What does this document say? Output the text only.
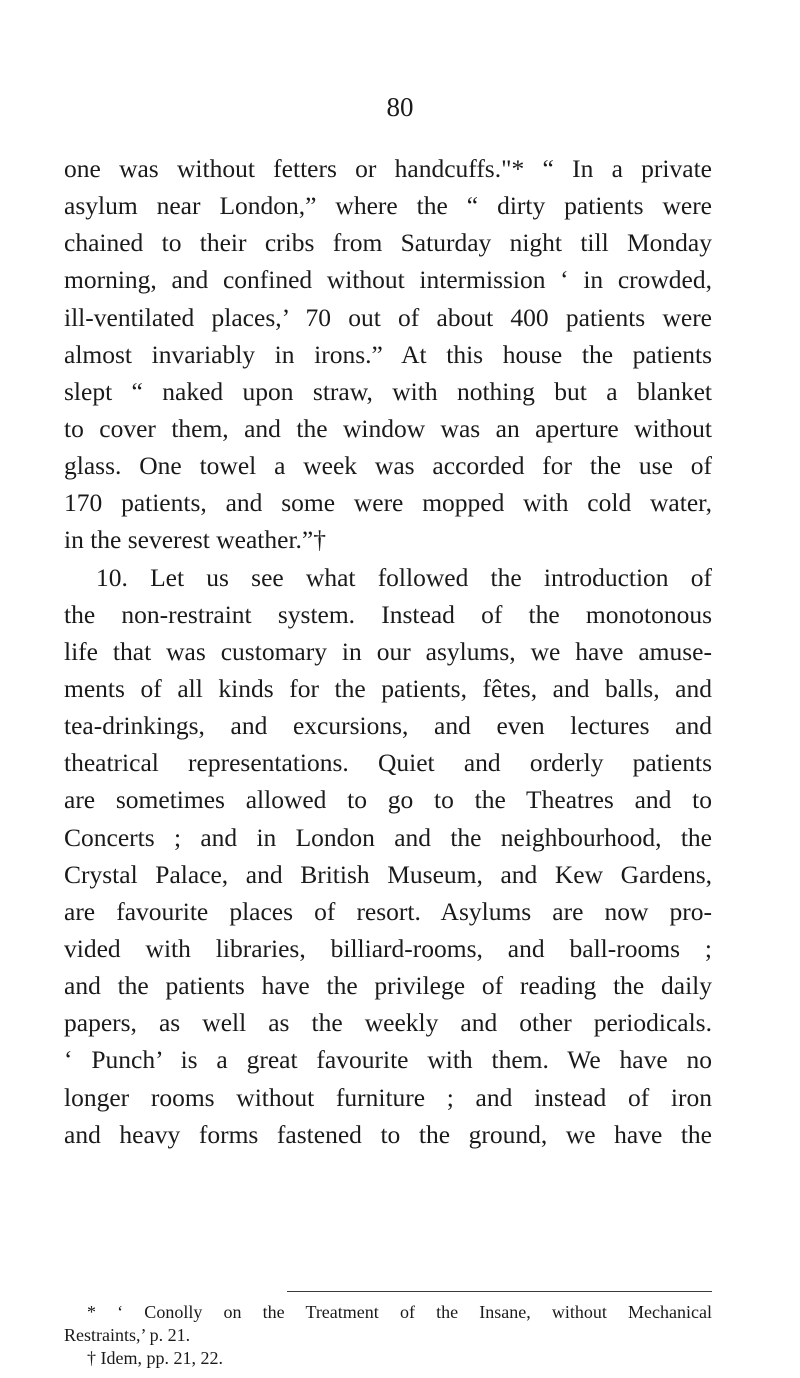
80
one was without fetters or handcuffs."* “ In a private
asylum near London,” where the “ dirty patients were
chained to their cribs from Saturday night till Monday
morning, and confined without intermission ‘ in crowded,
ill-ventilated places,’ 70 out of about 400 patients were
almost invariably in irons.” At this house the patients
slept “ naked upon straw, with nothing but a blanket
to cover them, and the window was an aperture without
glass. One towel a week was accorded for the use of
170 patients, and some were mopped with cold water,
in the severest weather.”†
10. Let us see what followed the introduction of
the non-restraint system. Instead of the monotonous
life that was customary in our asylums, we have amuse-
ments of all kinds for the patients, fêtes, and balls, and
tea-drinkings, and excursions, and even lectures and
theatrical representations. Quiet and orderly patients
are sometimes allowed to go to the Theatres and to
Concerts ; and in London and the neighbourhood, the
Crystal Palace, and British Museum, and Kew Gardens,
are favourite places of resort. Asylums are now pro-
vided with libraries, billiard-rooms, and ball-rooms ;
and the patients have the privilege of reading the daily
papers, as well as the weekly and other periodicals.
‘ Punch’ is a great favourite with them. We have no
longer rooms without furniture ; and instead of iron
and heavy forms fastened to the ground, we have the
* ‘ Conolly on the Treatment of the Insane, without Mechanical
Restraints,’ p. 21.
† Idem, pp. 21, 22.
